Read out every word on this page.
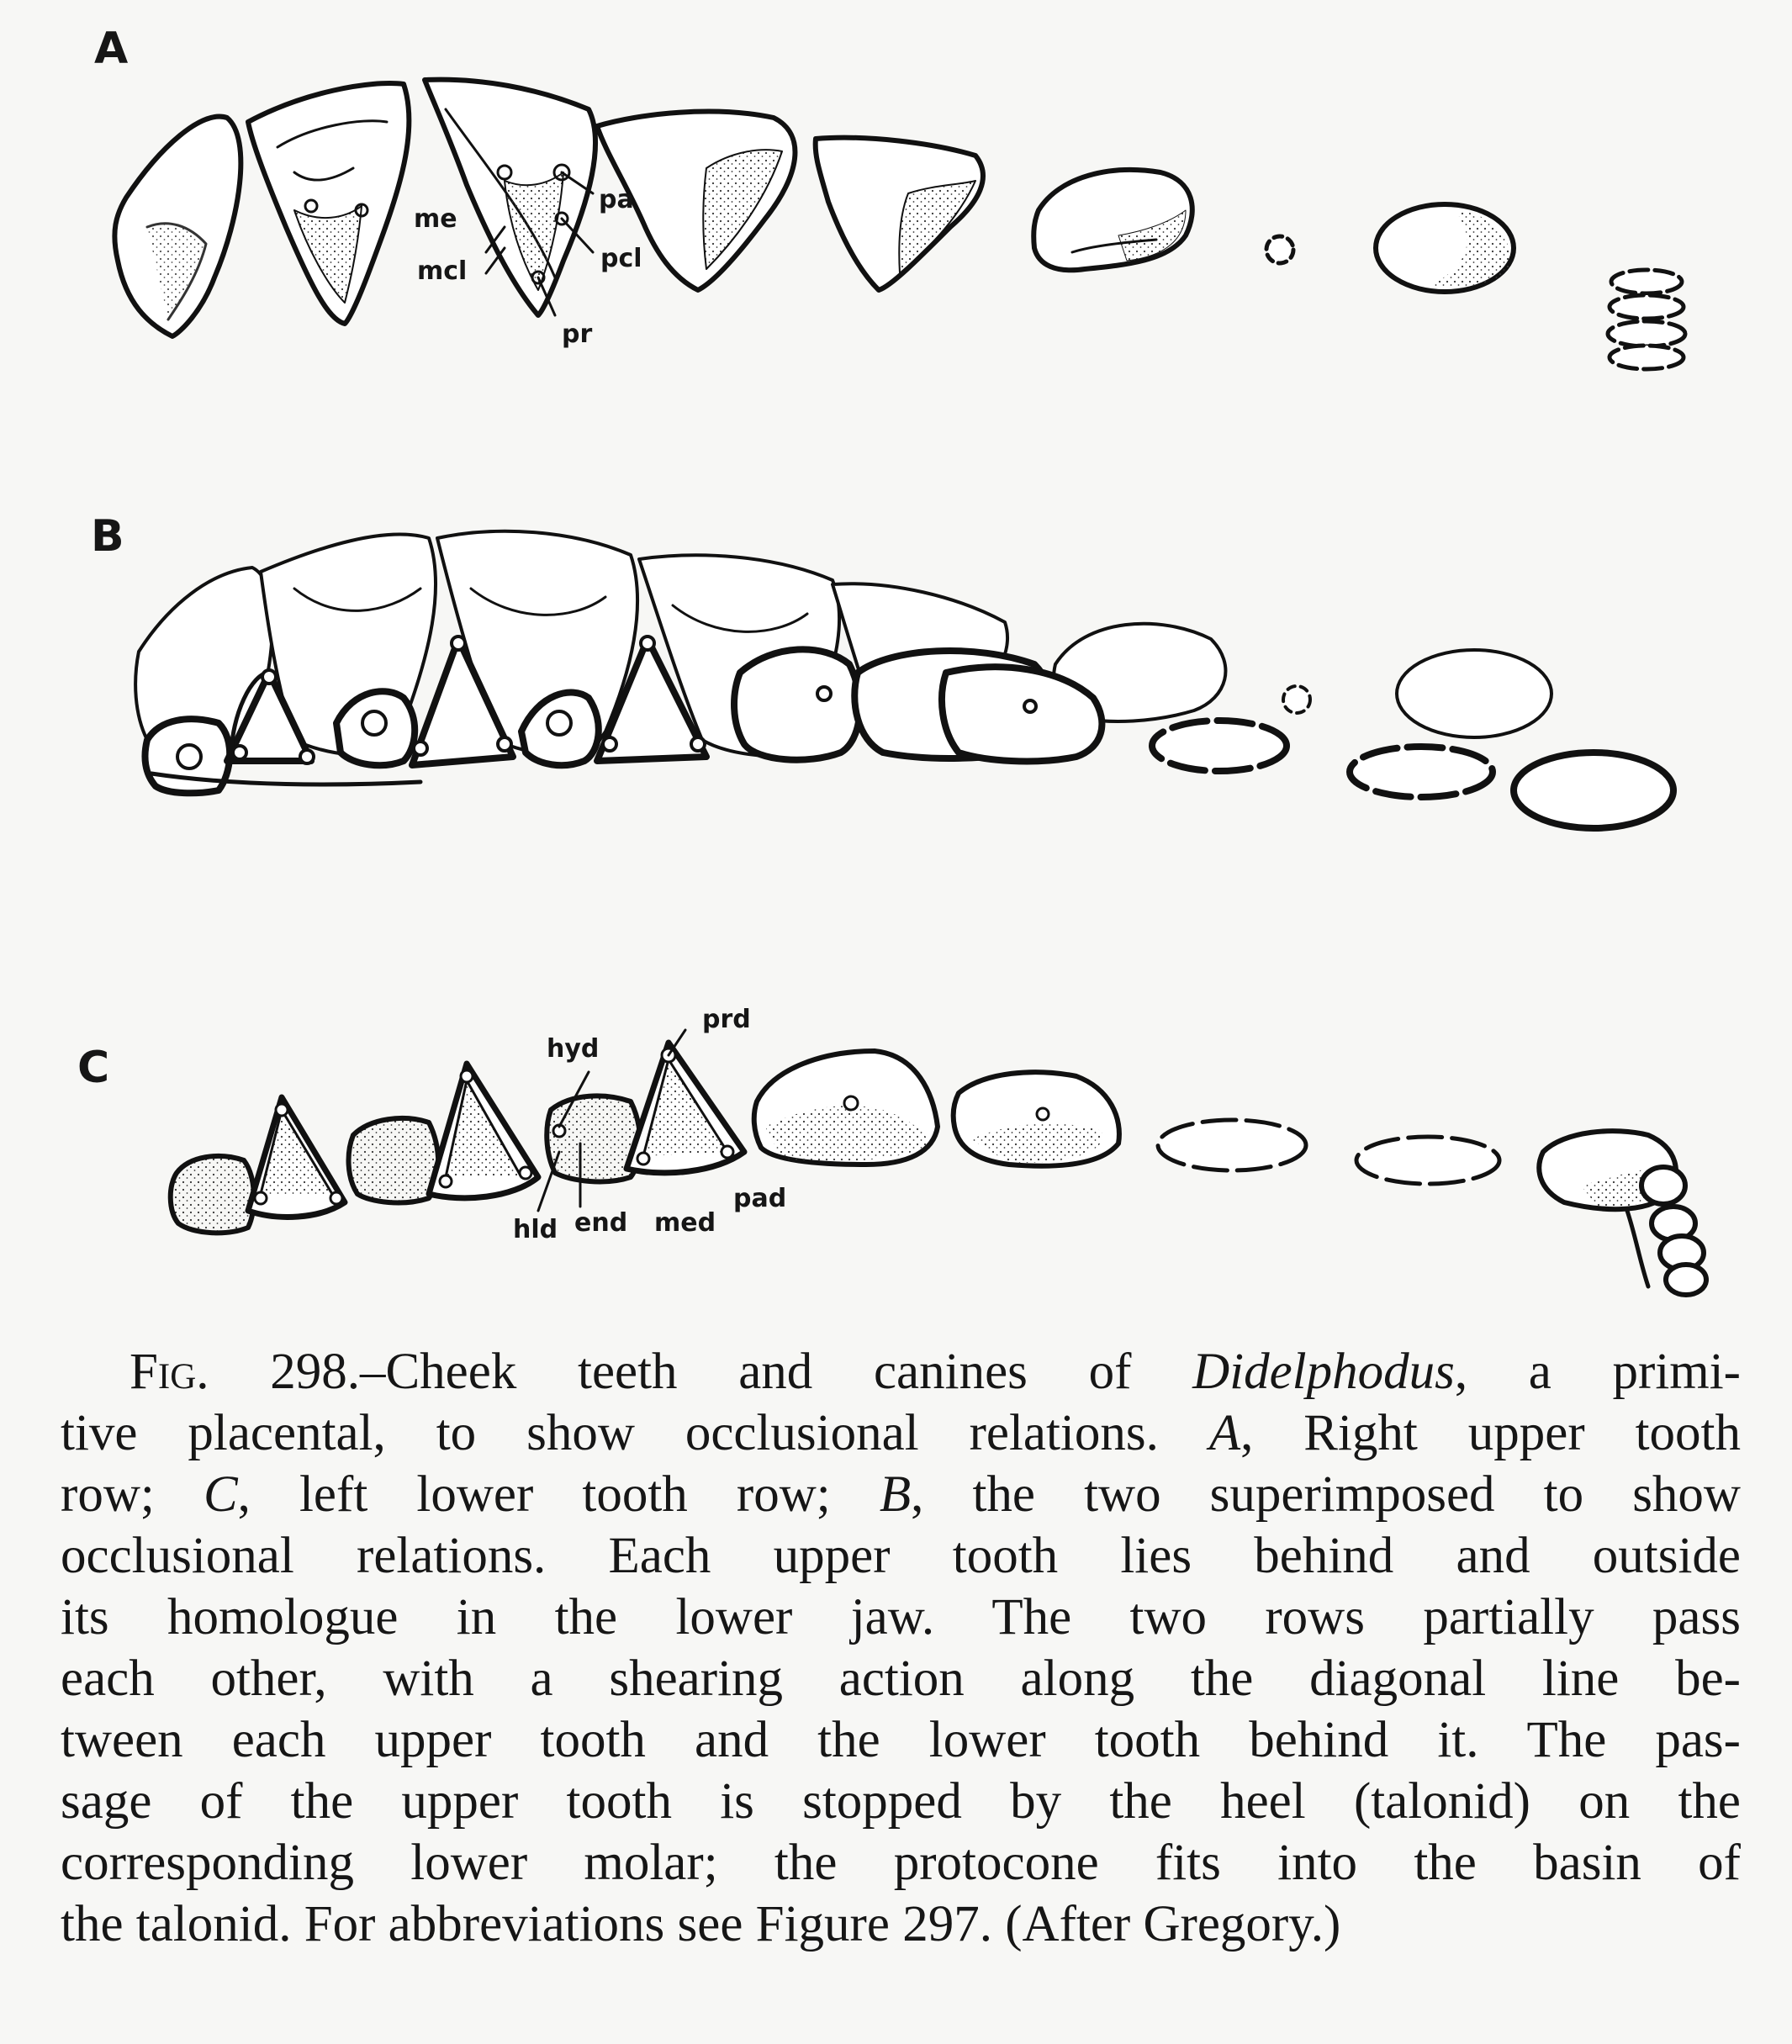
A
B
C
me
mcl
pa
pcl
pr
hyd
prd
hld end med
pad
Fig. 298.–Cheek teeth and canines of Didelphodus, a primi-
tive placental, to show occlusional relations. A, Right upper tooth
row; C, left lower tooth row; B, the two superimposed to show
occlusional relations. Each upper tooth lies behind and outside
its homologue in the lower jaw. The two rows partially pass
each other, with a shearing action along the diagonal line be-
tween each upper tooth and the lower tooth behind it. The pas-
sage of the upper tooth is stopped by the heel (talonid) on the
corresponding lower molar; the protocone fits into the basin of
the talonid. For abbreviations see Figure 297. (After Gregory.)
